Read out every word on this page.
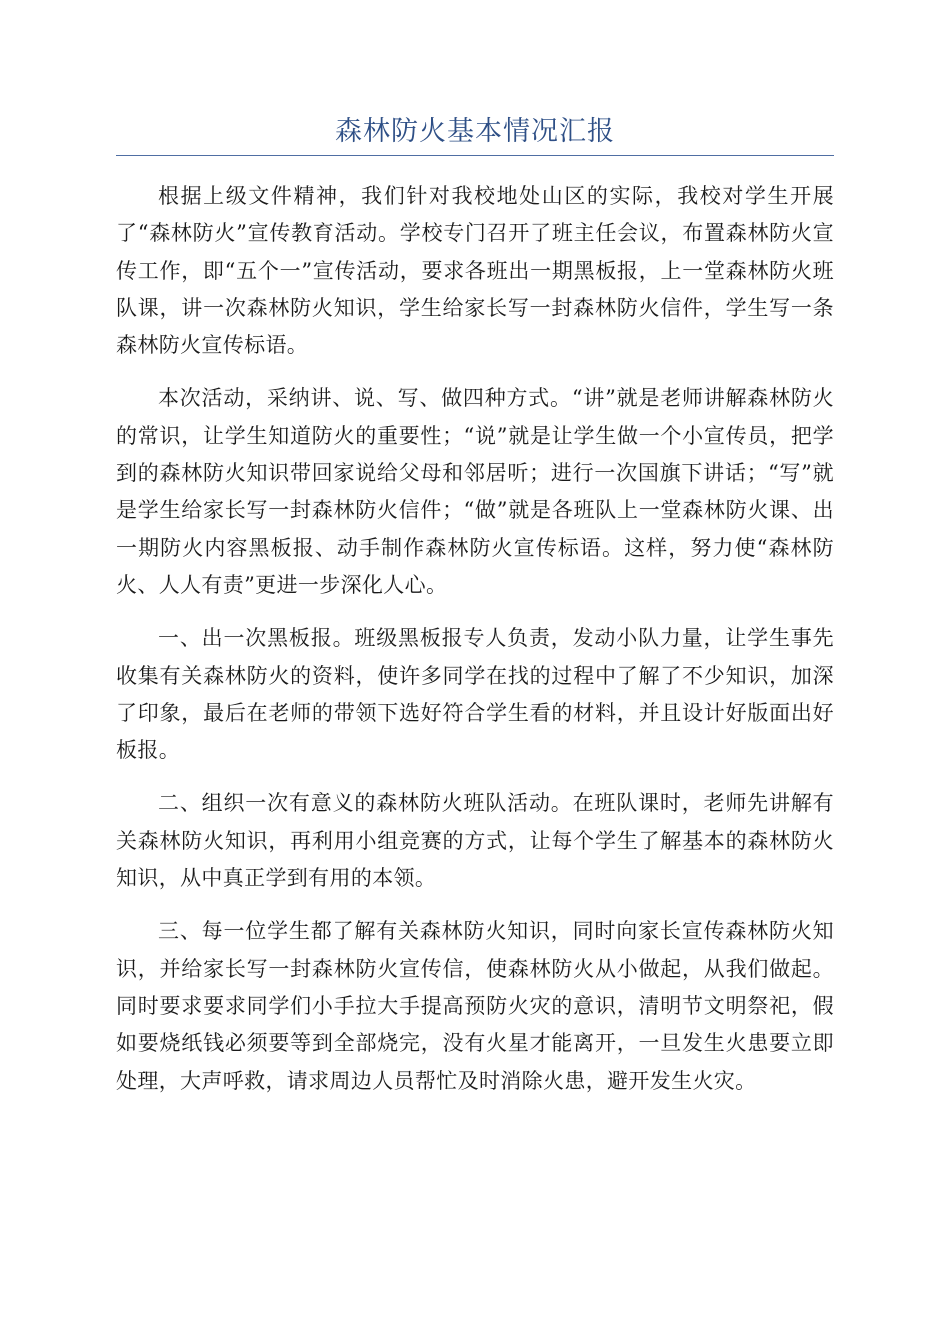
森林防火基本情况汇报

根据上级文件精神，我们针对我校地处山区的实际，我校对学生开展了“森林防火”宣传教育活动。学校专门召开了班主任会议，布置森林防火宣传工作，即“五个一”宣传活动，要求各班出一期黑板报，上一堂森林防火班队课，讲一次森林防火知识，学生给家长写一封森林防火信件，学生写一条森林防火宣传标语。

本次活动，采纳讲、说、写、做四种方式。“讲”就是老师讲解森林防火的常识，让学生知道防火的重要性；“说”就是让学生做一个小宣传员，把学到的森林防火知识带回家说给父母和邻居听；进行一次国旗下讲话；“写”就是学生给家长写一封森林防火信件；“做”就是各班队上一堂森林防火课、出一期防火内容黑板报、动手制作森林防火宣传标语。这样，努力使“森林防火、人人有责”更进一步深化人心。

一、出一次黑板报。班级黑板报专人负责，发动小队力量，让学生事先收集有关森林防火的资料，使许多同学在找的过程中了解了不少知识，加深了印象，最后在老师的带领下选好符合学生看的材料，并且设计好版面出好板报。

二、组织一次有意义的森林防火班队活动。在班队课时，老师先讲解有关森林防火知识，再利用小组竞赛的方式，让每个学生了解基本的森林防火知识，从中真正学到有用的本领。

三、每一位学生都了解有关森林防火知识，同时向家长宣传森林防火知识，并给家长写一封森林防火宣传信，使森林防火从小做起，从我们做起。同时要求要求同学们小手拉大手提高预防火灾的意识，清明节文明祭祀，假如要烧纸钱必须要等到全部烧完，没有火星才能离开，一旦发生火患要立即处理，大声呼救，请求周边人员帮忙及时消除火患，避开发生火灾。
